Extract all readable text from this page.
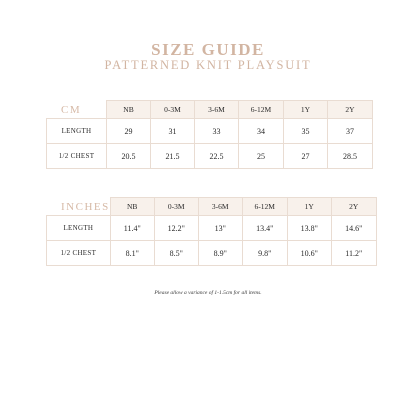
SIZE GUIDE
PATTERNED KNIT PLAYSUIT
CM	NB	0-3M	3-6M	6-12M	1Y	2Y
LENGTH	29	31	33	34	35	37
1/2 CHEST	20.5	21.5	22.5	25	27	28.5
INCHES	NB	0-3M	3-6M	6-12M	1Y	2Y
LENGTH	11.4"	12.2"	13"	13.4"	13.8"	14.6"
1/2 CHEST	8.1"	8.5"	8.9"	9.8"	10.6"	11.2"
Please allow a variance of 1-1.5cm for all items.
